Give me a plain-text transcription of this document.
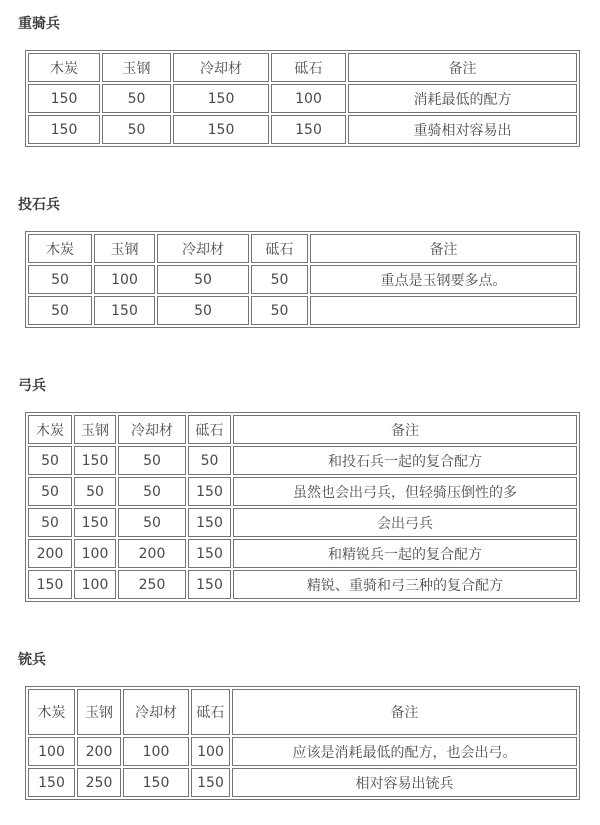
重骑兵
木炭	玉钢	冷却材	砥石	备注
150	50	150	100	消耗最低的配方
150	50	150	150	重骑相对容易出
投石兵
木炭	玉钢	冷却材	砥石	备注
50	100	50	50	重点是玉钢要多点。
50	150	50	50	
弓兵
木炭	玉钢	冷却材	砥石	备注
50	150	50	50	和投石兵一起的复合配方
50	50	50	150	虽然也会出弓兵，但轻骑压倒性的多
50	150	50	150	会出弓兵
200	100	200	150	和精锐兵一起的复合配方
150	100	250	150	精锐、重骑和弓三种的复合配方
铳兵
木炭	玉钢	冷却材	砥石	备注
100	200	100	100	应该是消耗最低的配方，也会出弓。
150	250	150	150	相对容易出铳兵
